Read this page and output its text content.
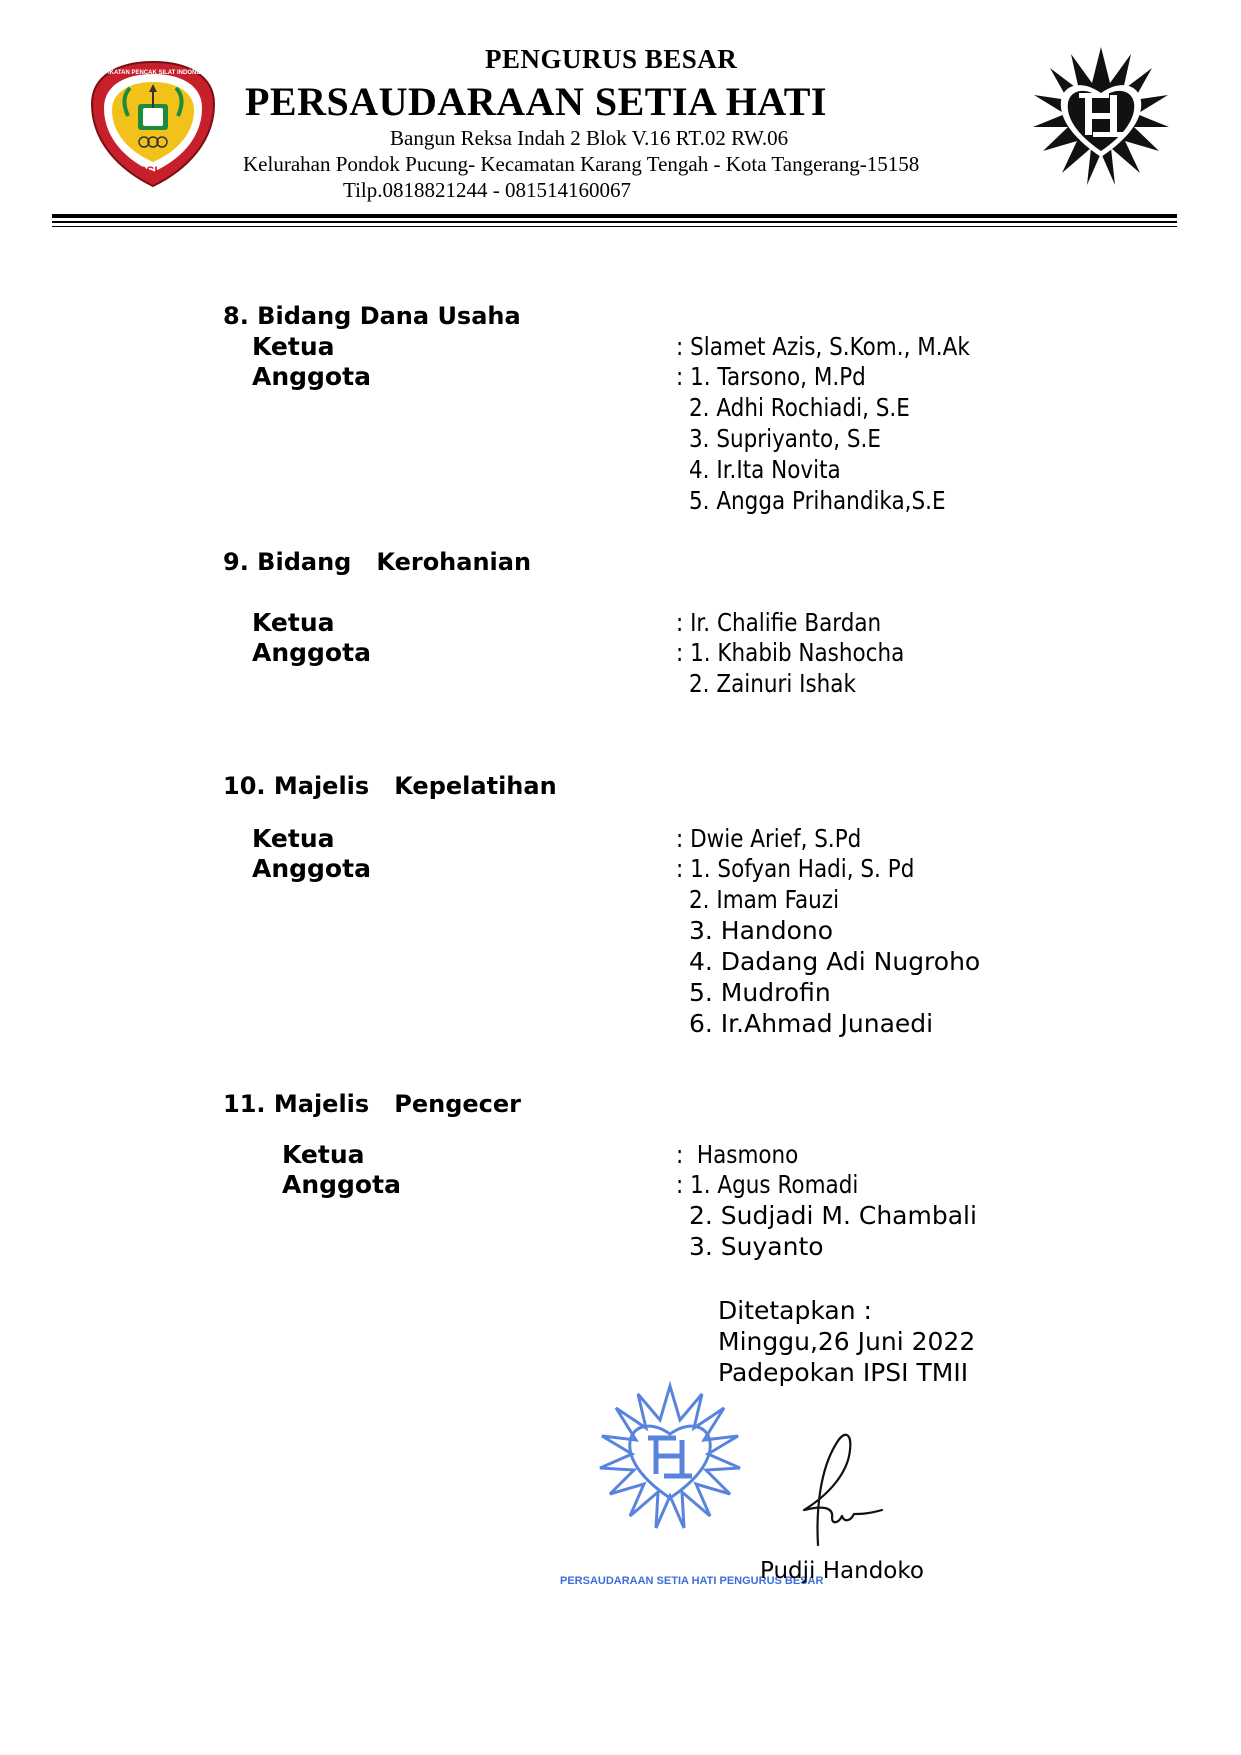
IPSI
IKATAN PENCAK SILAT INDONESIA	PENGURUS BESAR
PERSAUDARAAN SETIA HATI
Bangun Reksa Indah 2 Blok V.16 RT.02 RW.06
Kelurahan Pondok Pucung- Kecamatan Karang Tengah - Kota Tangerang-15158
Tilp.0818821244 - 081514160067
8. Bidang Dana Usaha
Ketua	: Slamet Azis, S.Kom., M.Ak
Anggota	: 1. Tarsono, M.Pd
2. Adhi Rochiadi, S.E
3. Supriyanto, S.E
4. Ir.Ita Novita
5. Angga Prihandika,S.E
9. Bidang   Kerohanian
Ketua	: Ir. Chalifie Bardan
Anggota	: 1. Khabib Nashocha
2. Zainuri Ishak
10. Majelis   Kepelatihan
Ketua	: Dwie Arief, S.Pd
Anggota	: 1. Sofyan Hadi, S. Pd
2. Imam Fauzi
3. Handono
4. Dadang Adi Nugroho
5. Mudrofin
6. Ir.Ahmad Junaedi
11. Majelis   Pengecer
Ketua	:  Hasmono
Anggota	: 1. Agus Romadi
2. Sudjadi M. Chambali
3. Suyanto
PERSAUDARAAN SETIA HATI PENGURUS BESAR
Ditetapkan :
Minggu,26 Juni 2022
Padepokan IPSI TMII
Pudji Handoko
